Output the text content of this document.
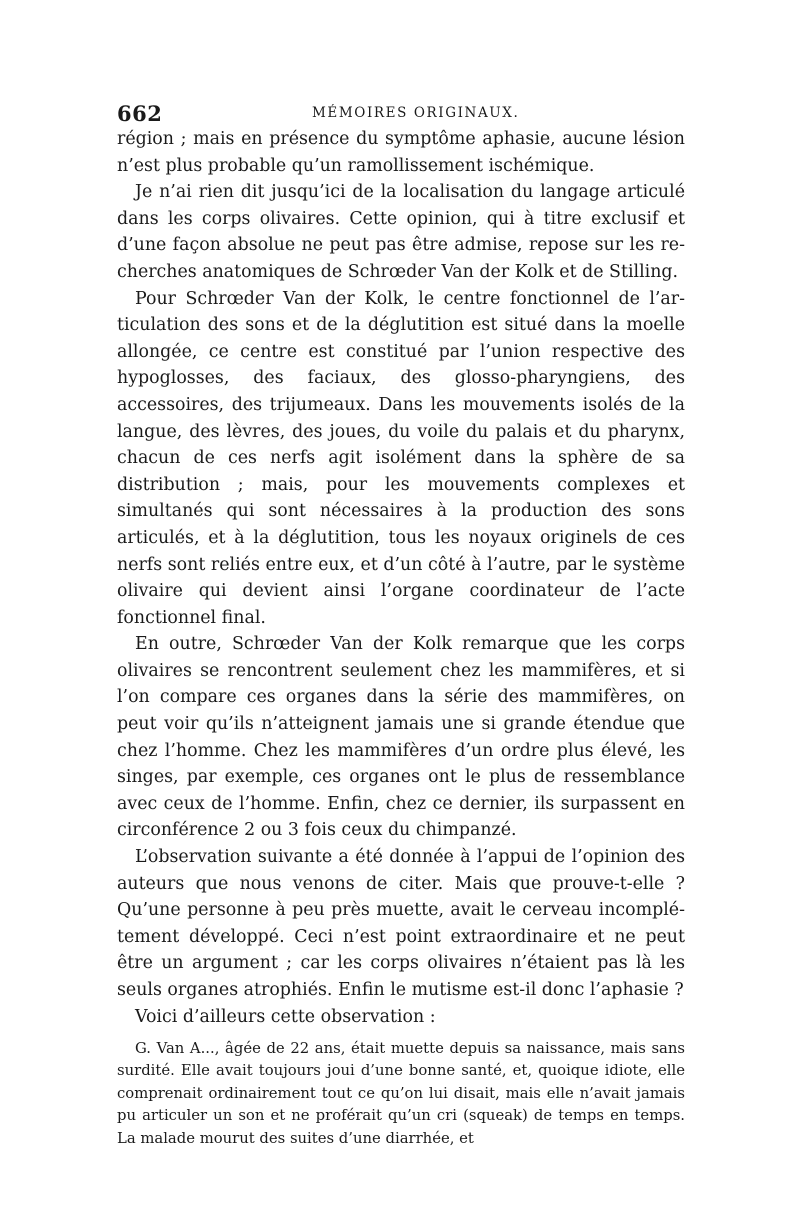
662	MÉMOIRES ORIGINAUX.

région ; mais en présence du symptôme aphasie, aucune lésion n’est plus probable qu’un ramollissement ischémique.

Je n’ai rien dit jusqu’ici de la localisation du langage articulé dans les corps olivaires. Cette opinion, qui à titre exclusif et d’une façon absolue ne peut pas être admise, repose sur les recherches anatomiques de Schrœder Van der Kolk et de Stilling.

Pour Schrœder Van der Kolk, le centre fonctionnel de l’articulation des sons et de la déglutition est situé dans la moelle allongée, ce centre est constitué par l’union respective des hypoglosses, des faciaux, des glosso-pharyngiens, des accessoires, des trijumeaux. Dans les mouvements isolés de la langue, des lèvres, des joues, du voile du palais et du pharynx, chacun de ces nerfs agit isolément dans la sphère de sa distribution ; mais, pour les mouvements complexes et simultanés qui sont nécessaires à la production des sons articulés, et à la déglutition, tous les noyaux originels de ces nerfs sont reliés entre eux, et d’un côté à l’autre, par le système olivaire qui devient ainsi l’organe coordinateur de l’acte fonctionnel final.

En outre, Schrœder Van der Kolk remarque que les corps olivaires se rencontrent seulement chez les mammifères, et si l’on compare ces organes dans la série des mammifères, on peut voir qu’ils n’atteignent jamais une si grande étendue que chez l’homme. Chez les mammifères d’un ordre plus élevé, les singes, par exemple, ces organes ont le plus de ressemblance avec ceux de l’homme. Enfin, chez ce dernier, ils surpassent en circonférence 2 ou 3 fois ceux du chimpanzé.

L’observation suivante a été donnée à l’appui de l’opinion des auteurs que nous venons de citer. Mais que prouve-t-elle ? Qu’une personne à peu près muette, avait le cerveau incomplétement développé. Ceci n’est point extraordinaire et ne peut être un argument ; car les corps olivaires n’étaient pas là les seuls organes atrophiés. Enfin le mutisme est-il donc l’aphasie ?

Voici d’ailleurs cette observation :

G. Van A..., âgée de 22 ans, était muette depuis sa naissance, mais sans surdité. Elle avait toujours joui d’une bonne santé, et, quoique idiote, elle comprenait ordinairement tout ce qu’on lui disait, mais elle n’avait jamais pu articuler un son et ne proférait qu’un cri (squeak) de temps en temps. La malade mourut des suites d’une diarrhée, et
